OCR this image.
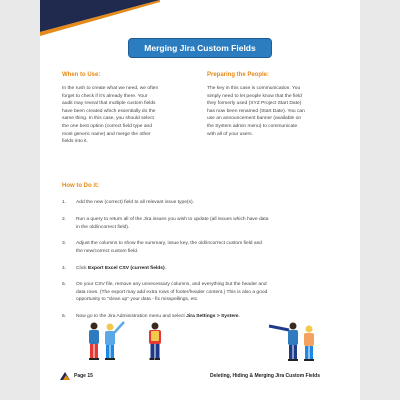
Merging Jira Custom Fields
When to Use:
In the rush to create what we need, we often
forget to check if it's already there. Your
audit may reveal that multiple custom fields
have been created which essentially do the
same thing. In this case, you should select
the one best option (correct field type and
most generic name) and merge the other
fields into it.
Preparing the People:
The key in this case is communication. You
simply need to let people know that the field
they formerly used (XYZ Project Start Date)
has now been renamed (Start Date). You can
use an announcement banner (available on
the System admin menu) to communicate
with all of your users.
How to Do it:
1. Add the new (correct) field to all relevant issue type(s).
2. Run a query to return all of the Jira issues you wish to update (all issues which have data
in the old/incorrect field).
3. Adjust the columns to show the summary, issue key, the old/incorrect custom field and
the new/correct custom field.
4. Click Export Excel CSV (current fields).
5. On your CSV file, remove any unnecessary columns, and everything but the header and
data rows. (The export may add extra rows of footer/header content.) This is also a good
opportunity to "clean up" your data - fix misspellings, etc.
6. Now go to the Jira Administration menu and select Jira Settings > System.
Page 15	Deleting, Hiding & Merging Jira Custom Fields
